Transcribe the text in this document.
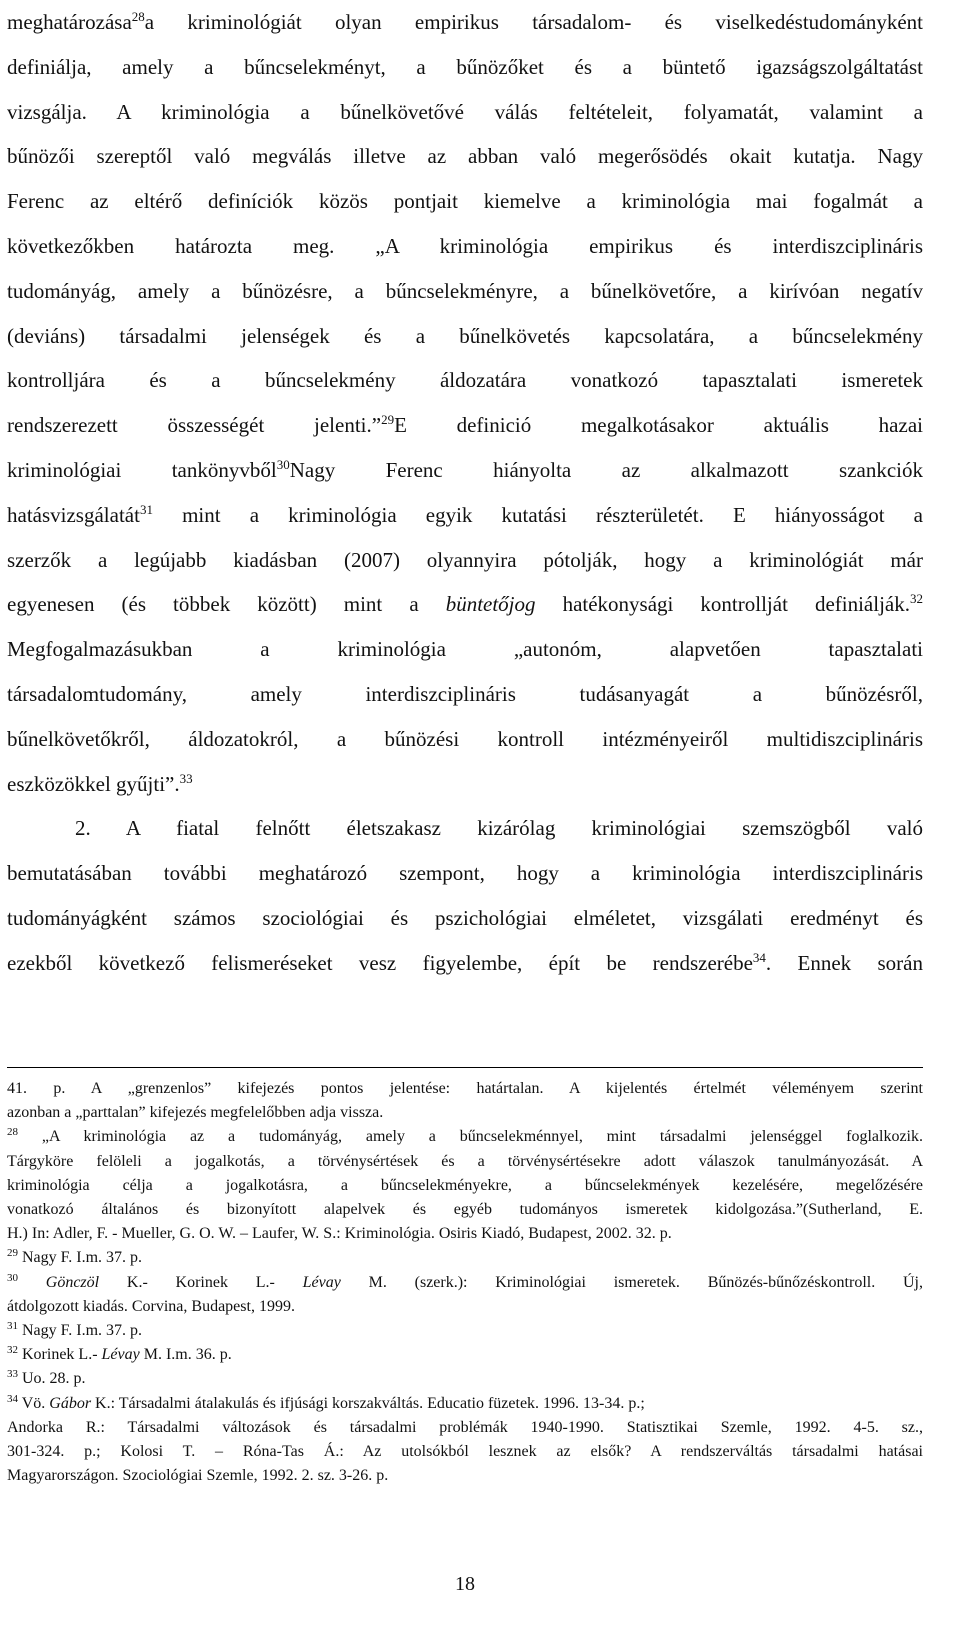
meghatározása$^{28}$a kriminológiát olyan empirikus társadalom- és viselkedéstudományként
definiálja, amely a bűncselekményt, a bűnözőket és a büntető igazságszolgáltatást
vizsgálja. A kriminológia a bűnelkövetővé válás feltételeit, folyamatát, valamint a
bűnözői szereptől való megválás illetve az abban való megerősödés okait kutatja. Nagy
Ferenc az eltérő definíciók közös pontjait kiemelve a kriminológia mai fogalmát a
következőkben határozta meg. „A kriminológia empirikus és interdiszciplináris
tudományág, amely a bűnözésre, a bűncselekményre, a bűnelkövetőre, a kirívóan negatív
(deviáns) társadalmi jelenségek és a bűnelkövetés kapcsolatára, a bűncselekmény
kontrolljára és a bűncselekmény áldozatára vonatkozó tapasztalati ismeretek
rendszerezett összességét jelenti.”$^{29}$E definició megalkotásakor aktuális hazai
kriminológiai tankönyvből$^{30}$Nagy Ferenc hiányolta az alkalmazott szankciók
hatásvizsgálatát$^{31}$ mint a kriminológia egyik kutatási részterületét. E hiányosságot a
szerzők a legújabb kiadásban (2007) olyannyira pótolják, hogy a kriminológiát már
egyenesen (és többek között) mint a büntetőjog hatékonysági kontrollját definiálják.$^{32}$
Megfogalmazásukban a kriminológia „autonóm, alapvetően tapasztalati
társadalomtudomány, amely interdiszciplináris tudásanyagát a bűnözésről,
bűnelkövetőkről, áldozatokról, a bűnözési kontroll intézményeiről multidiszciplináris
eszközökkel gyűjti”.$^{33}$
2. A fiatal felnőtt életszakasz kizárólag kriminológiai szemszögből való
bemutatásában további meghatározó szempont, hogy a kriminológia interdiszciplináris
tudományágként számos szociológiai és pszichológiai elméletet, vizsgálati eredményt és
ezekből következő felismeréseket vesz figyelembe, épít be rendszerébe$^{34}$. Ennek során
41. p. A „grenzenlos” kifejezés pontos jelentése: határtalan. A kijelentés értelmét véleményem szerint
azonban a „parttalan” kifejezés megfelelőbben adja vissza.
$^{28}$ „A kriminológia az a tudományág, amely a bűncselekménnyel, mint társadalmi jelenséggel foglalkozik.
Tárgyköre felöleli a jogalkotás, a törvénysértések és a törvénysértésekre adott válaszok tanulmányozását. A
kriminológia célja a jogalkotásra, a bűncselekményekre, a bűncselekmények kezelésére, megelőzésére
vonatkozó általános és bizonyított alapelvek és egyéb tudományos ismeretek kidolgozása.”(Sutherland, E.
H.) In: Adler, F. - Mueller, G. O. W. – Laufer, W. S.: Kriminológia. Osiris Kiadó, Budapest, 2002. 32. p.
$^{29}$ Nagy F. I.m. 37. p.
$^{30}$ Gönczöl K.- Korinek L.- Lévay M. (szerk.): Kriminológiai ismeretek. Bűnözés-bűnőzéskontroll. Új,
átdolgozott kiadás. Corvina, Budapest, 1999.
$^{31}$ Nagy F. I.m. 37. p.
$^{32}$ Korinek L.- Lévay M. I.m. 36. p.
$^{33}$ Uo. 28. p.
$^{34}$ Vö. Gábor K.: Társadalmi átalakulás és ifjúsági korszakváltás. Educatio füzetek. 1996. 13-34. p.;
Andorka R.: Társadalmi változások és társadalmi problémák 1940-1990. Statisztikai Szemle, 1992. 4-5. sz.,
301-324. p.; Kolosi T. – Róna-Tas Á.: Az utolsókból lesznek az elsők? A rendszerváltás társadalmi hatásai
Magyarországon. Szociológiai Szemle, 1992. 2. sz. 3-26. p.
18
